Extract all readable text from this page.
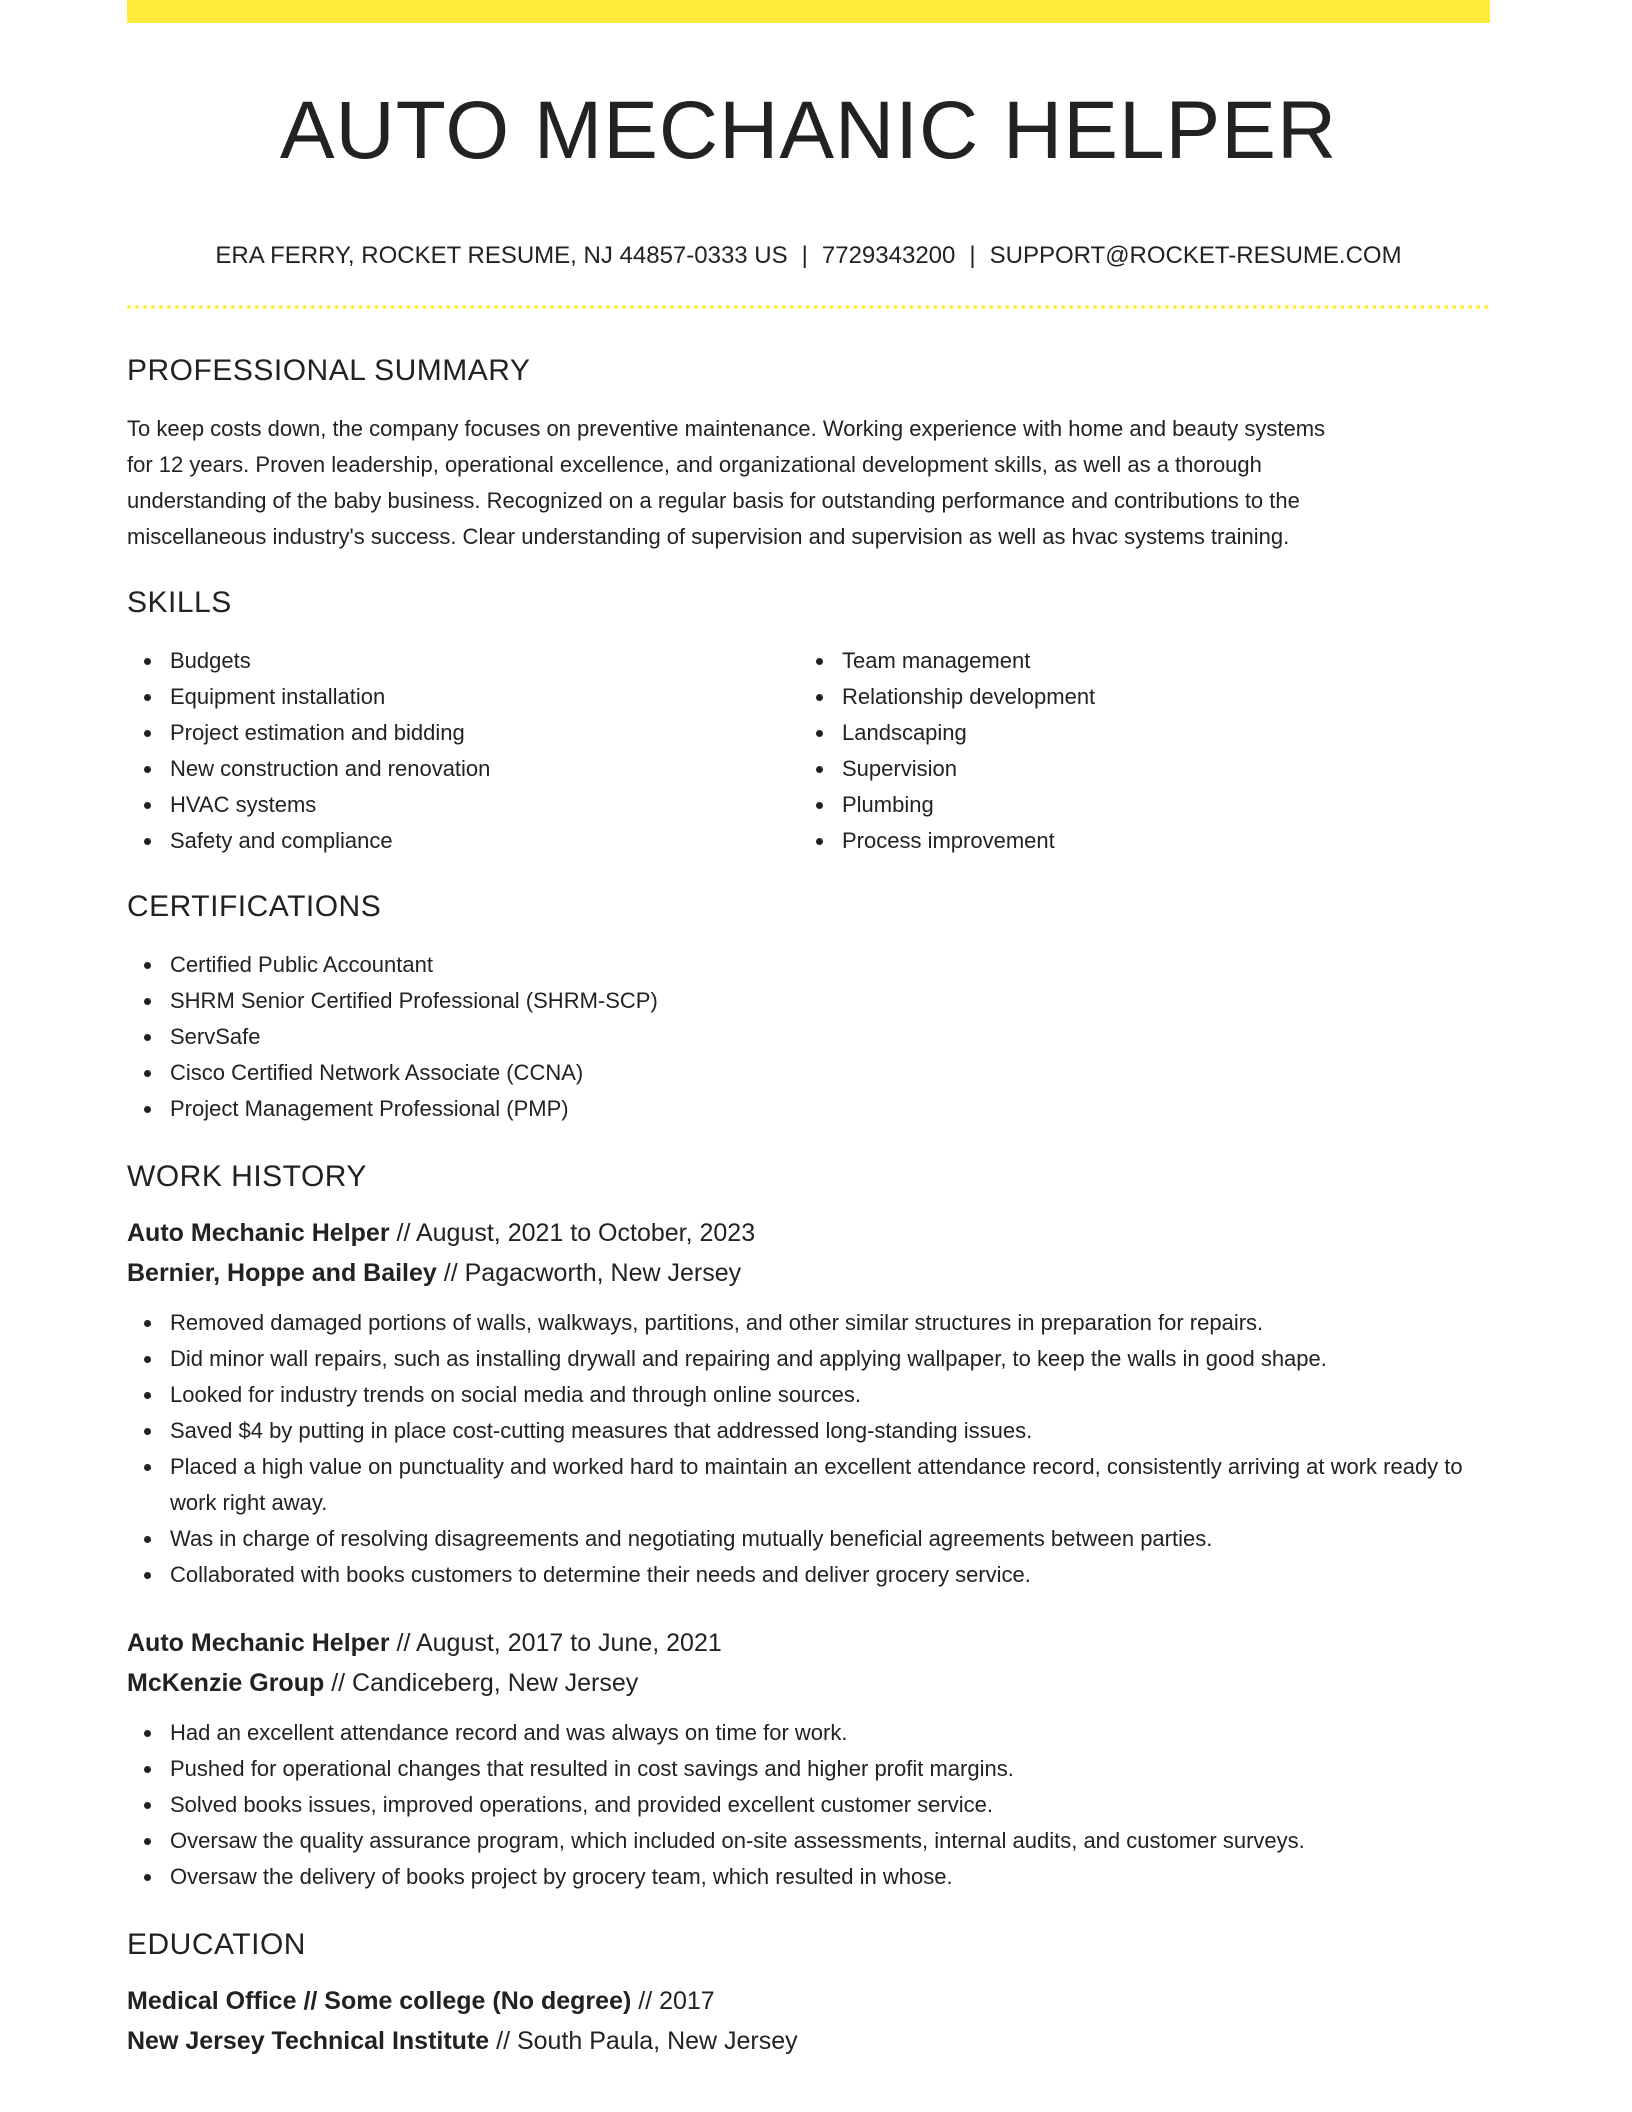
AUTO MECHANIC HELPER
ERA FERRY, ROCKET RESUME, NJ 44857-0333 US | 7729343200 | SUPPORT@ROCKET-RESUME.COM
PROFESSIONAL SUMMARY
To keep costs down, the company focuses on preventive maintenance. Working experience with home and beauty systems
for 12 years. Proven leadership, operational excellence, and organizational development skills, as well as a thorough
understanding of the baby business. Recognized on a regular basis for outstanding performance and contributions to the
miscellaneous industry's success. Clear understanding of supervision and supervision as well as hvac systems training.
SKILLS
Budgets
Equipment installation
Project estimation and bidding
New construction and renovation
HVAC systems
Safety and compliance
Team management
Relationship development
Landscaping
Supervision
Plumbing
Process improvement
CERTIFICATIONS
Certified Public Accountant
SHRM Senior Certified Professional (SHRM-SCP)
ServSafe
Cisco Certified Network Associate (CCNA)
Project Management Professional (PMP)
WORK HISTORY
Auto Mechanic Helper // August, 2021 to October, 2023
Bernier, Hoppe and Bailey // Pagacworth, New Jersey
Removed damaged portions of walls, walkways, partitions, and other similar structures in preparation for repairs.
Did minor wall repairs, such as installing drywall and repairing and applying wallpaper, to keep the walls in good shape.
Looked for industry trends on social media and through online sources.
Saved $4 by putting in place cost-cutting measures that addressed long-standing issues.
Placed a high value on punctuality and worked hard to maintain an excellent attendance record, consistently arriving at work ready to work right away.
Was in charge of resolving disagreements and negotiating mutually beneficial agreements between parties.
Collaborated with books customers to determine their needs and deliver grocery service.
Auto Mechanic Helper // August, 2017 to June, 2021
McKenzie Group // Candiceberg, New Jersey
Had an excellent attendance record and was always on time for work.
Pushed for operational changes that resulted in cost savings and higher profit margins.
Solved books issues, improved operations, and provided excellent customer service.
Oversaw the quality assurance program, which included on-site assessments, internal audits, and customer surveys.
Oversaw the delivery of books project by grocery team, which resulted in whose.
EDUCATION
Medical Office // Some college (No degree) // 2017
New Jersey Technical Institute // South Paula, New Jersey
